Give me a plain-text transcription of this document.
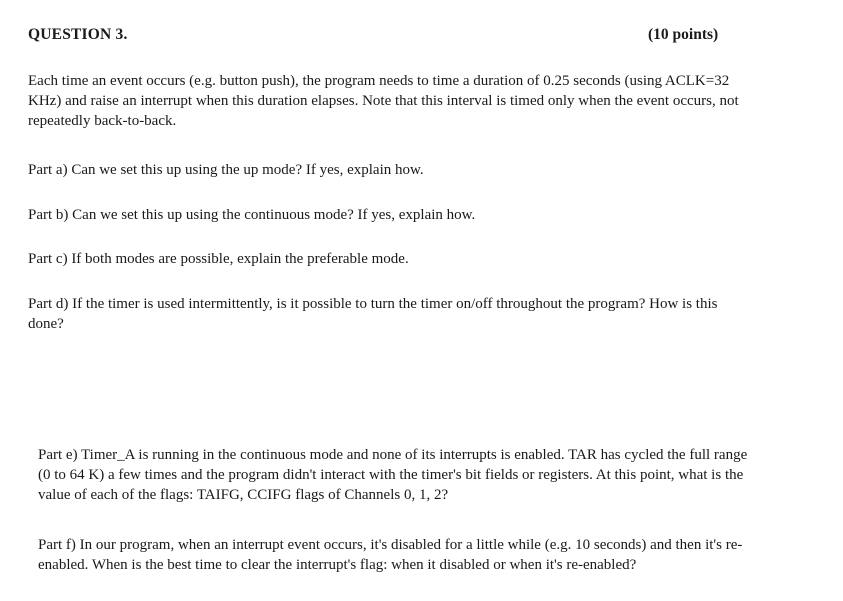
QUESTION 3.	(10 points)

Each time an event occurs (e.g. button push), the program needs to time a duration of 0.25 seconds (using ACLK=32 KHz) and raise an interrupt when this duration elapses. Note that this interval is timed only when the event occurs, not repeatedly back-to-back.

Part a) Can we set this up using the up mode? If yes, explain how.

Part b) Can we set this up using the continuous mode? If yes, explain how.

Part c) If both modes are possible, explain the preferable mode.

Part d) If the timer is used intermittently, is it possible to turn the timer on/off throughout the program? How is this done?

Part e) Timer_A is running in the continuous mode and none of its interrupts is enabled. TAR has cycled the full range (0 to 64 K) a few times and the program didn't interact with the timer's bit fields or registers. At this point, what is the value of each of the flags: TAIFG, CCIFG flags of Channels 0, 1, 2?

Part f) In our program, when an interrupt event occurs, it's disabled for a little while (e.g. 10 seconds) and then it's re-enabled. When is the best time to clear the interrupt's flag: when it disabled or when it's re-enabled?
